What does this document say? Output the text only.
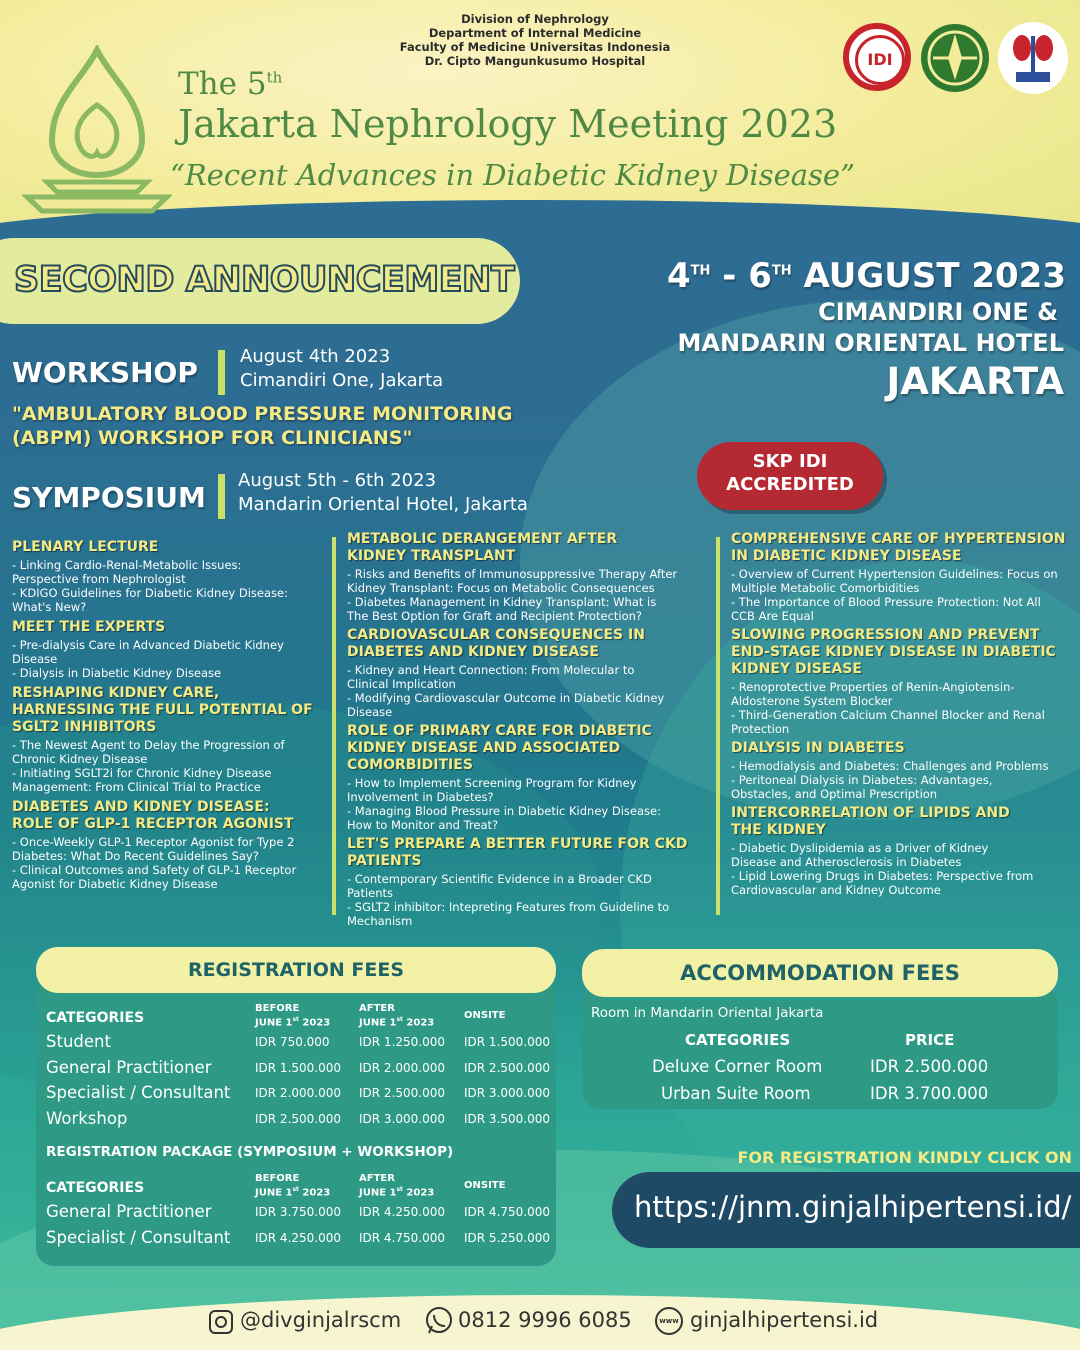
Division of Nephrology
Department of Internal Medicine
Faculty of Medicine Universitas Indonesia
Dr. Cipto Mangunkusumo Hospital
The 5th
Jakarta Nephrology Meeting 2023
“Recent Advances in Diabetic Kidney Disease”
IDI
SECOND ANNOUNCEMENT	4TH - 6TH AUGUST 2023
CIMANDIRI ONE &
MANDARIN ORIENTAL HOTEL
JAKARTA
WORKSHOP August 4th 2023
Cimandiri One, Jakarta
"AMBULATORY BLOOD PRESSURE MONITORING
(ABPM) WORKSHOP FOR CLINICIANS"
SYMPOSIUM
August 5th - 6th 2023
Mandarin Oriental Hotel, Jakarta
SKP IDI
ACCREDITED
PLENARY LECTURE
- Linking Cardio-Renal-Metabolic Issues:
Perspective from Nephrologist
- KDIGO Guidelines for Diabetic Kidney Disease:
What's New?
MEET THE EXPERTS
- Pre-dialysis Care in Advanced Diabetic Kidney
Disease
- Dialysis in Diabetic Kidney Disease
RESHAPING KIDNEY CARE,
HARNESSING THE FULL POTENTIAL OF
SGLT2 INHIBITORS
- The Newest Agent to Delay the Progression of
Chronic Kidney Disease
- Initiating SGLT2i for Chronic Kidney Disease
Management: From Clinical Trial to Practice
DIABETES AND KIDNEY DISEASE:
ROLE OF GLP-1 RECEPTOR AGONIST
- Once-Weekly GLP-1 Receptor Agonist for Type 2
Diabetes: What Do Recent Guidelines Say?
- Clinical Outcomes and Safety of GLP-1 Receptor
Agonist for Diabetic Kidney Disease
METABOLIC DERANGEMENT AFTER
KIDNEY TRANSPLANT
- Risks and Benefits of Immunosuppressive Therapy After
Kidney Transplant: Focus on Metabolic Consequences
- Diabetes Management in Kidney Transplant: What is
The Best Option for Graft and Recipient Protection?
CARDIOVASCULAR CONSEQUENCES IN
DIABETES AND KIDNEY DISEASE
- Kidney and Heart Connection: From Molecular to
Clinical Implication
- Modifying Cardiovascular Outcome in Diabetic Kidney
Disease
ROLE OF PRIMARY CARE FOR DIABETIC
KIDNEY DISEASE AND ASSOCIATED
COMORBIDITIES
- How to Implement Screening Program for Kidney
Involvement in Diabetes?
- Managing Blood Pressure in Diabetic Kidney Disease:
How to Monitor and Treat?
LET'S PREPARE A BETTER FUTURE FOR CKD
PATIENTS
- Contemporary Scientific Evidence in a Broader CKD
Patients
- SGLT2 inhibitor: Intepreting Features from Guideline to
Mechanism
COMPREHENSIVE CARE OF HYPERTENSION
IN DIABETIC KIDNEY DISEASE
- Overview of Current Hypertension Guidelines: Focus on
Multiple Metabolic Comorbidities
- The Importance of Blood Pressure Protection: Not All
CCB Are Equal
SLOWING PROGRESSION AND PREVENT
END-STAGE KIDNEY DISEASE IN DIABETIC
KIDNEY DISEASE
- Renoprotective Properties of Renin-Angiotensin-
Aldosterone System Blocker
- Third-Generation Calcium Channel Blocker and Renal
Protection
DIALYSIS IN DIABETES
- Hemodialysis and Diabetes: Challenges and Problems
- Peritoneal Dialysis in Diabetes: Advantages,
Obstacles, and Optimal Prescription
INTERCORRELATION OF LIPIDS AND
THE KIDNEY
- Diabetic Dyslipidemia as a Driver of Kidney
Disease and Atherosclerosis in Diabetes
- Lipid Lowering Drugs in Diabetes: Perspective from
Cardiovascular and Kidney Outcome
REGISTRATION FEES
CATEGORIES
BEFORE
JUNE 1st 2023
AFTER
JUNE 1st 2023
ONSITE
Student	IDR 750.000 IDR 1.250.000 IDR 1.500.000
General Practitioner	IDR 1.500.000 IDR 2.000.000 IDR 2.500.000
Specialist / Consultant IDR 2.000.000 IDR 2.500.000 IDR 3.000.000
Workshop	IDR 2.500.000 IDR 3.000.000 IDR 3.500.000
REGISTRATION PACKAGE (SYMPOSIUM + WORKSHOP)
CATEGORIES
BEFORE
JUNE 1st 2023
AFTER
JUNE 1st 2023
ONSITE
General Practitioner	IDR 3.750.000 IDR 4.250.000 IDR 4.750.000
Specialist / Consultant IDR 4.250.000 IDR 4.750.000 IDR 5.250.000
ACCOMMODATION FEES
Room in Mandarin Oriental Jakarta
CATEGORIES	PRICE
Deluxe Corner Room	IDR 2.500.000
Urban Suite Room	IDR 3.700.000
FOR REGISTRATION KINDLY CLICK ON
https://jnm.ginjalhipertensi.id/
@divginjalrscm	0812 9996 6085	www ginjalhipertensi.id
